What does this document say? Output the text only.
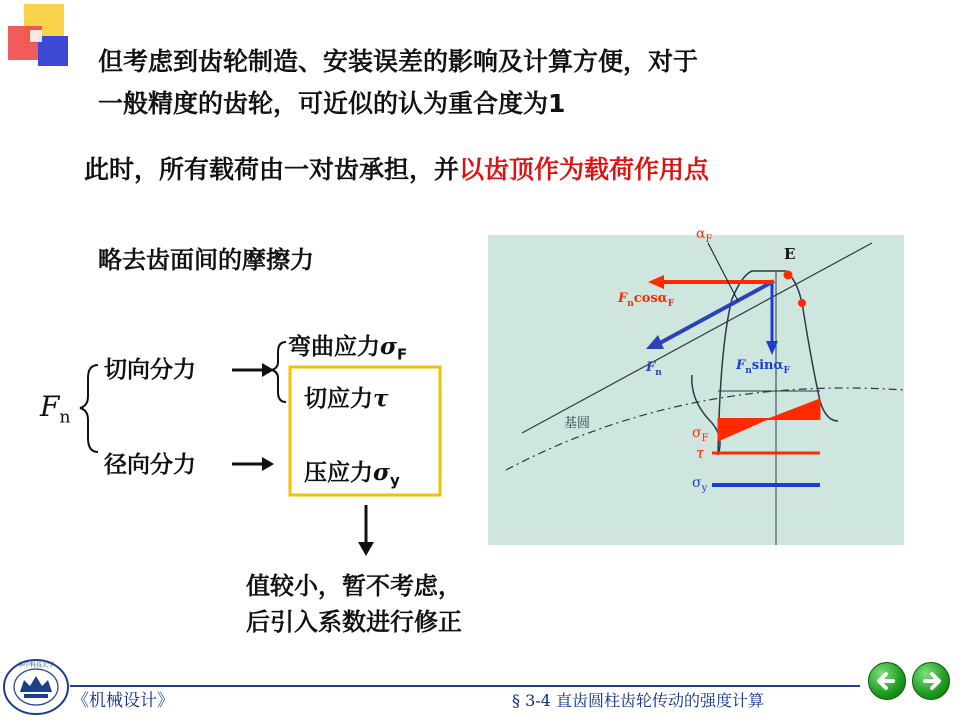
但考虑到齿轮制造、安装误差的影响及计算方便，对于
一般精度的齿轮，可近似的认为重合度为1
此时，所有载荷由一对齿承担，并以齿顶作为载荷作用点
略去齿面间的摩擦力
$F_n$
切向分力
径向分力
弯曲应力$\sigma_F$
切应力τ
压应力$\sigma_y$
值较小，暂不考虑，
后引入系数进行修正
$\alpha_F$
E
$F_n\cos\alpha_F$
$F_n$	$F_n\sin\alpha_F$
基圆
$\sigma_F$
τ
$\sigma_y$
华中科技大学
《机械设计》	§ 3-4 直齿圆柱齿轮传动的强度计算
